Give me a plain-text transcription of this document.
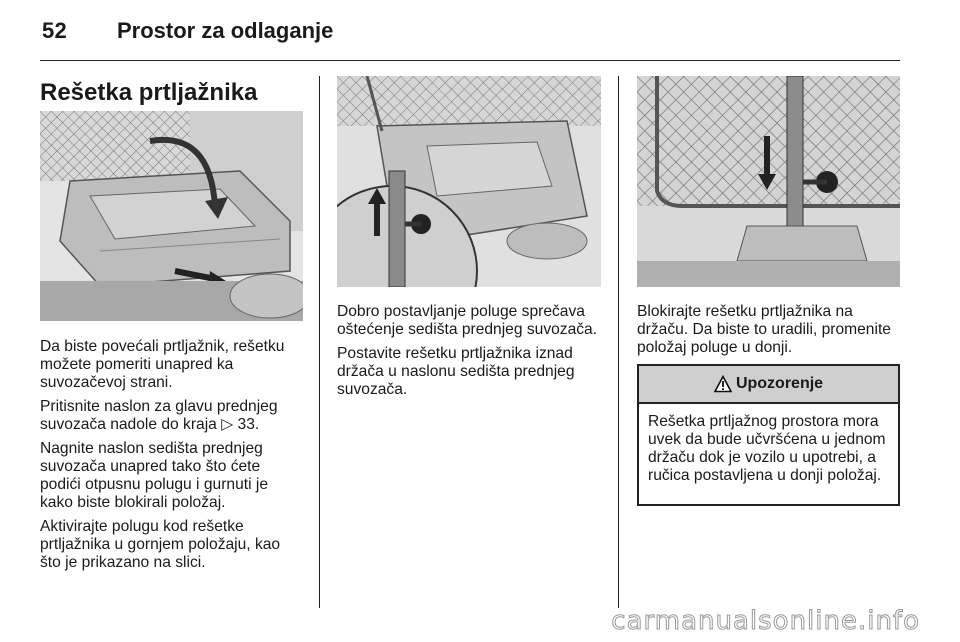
52 Prostor za odlaganje
Rešetka prtljažnika

Da biste povećali prtljažnik, rešetku možete pomeriti unapred ka suvozačevoj strani.

Pritisnite naslon za glavu prednjeg suvozača nadole do kraja ▷ 33.

Nagnite naslon sedišta prednjeg suvozača unapred tako što ćete podići otpusnu polugu i gurnuti je kako biste blokirali položaj.

Aktivirajte polugu kod rešetke prtljažnika u gornjem položaju, kao što je prikazano na slici.

Dobro postavljanje poluge sprečava oštećenje sedišta prednjeg suvozača.

Postavite rešetku prtljažnika iznad držača u naslonu sedišta prednjeg suvozača.

Blokirajte rešetku prtljažnika na držaču. Da biste to uradili, promenite položaj poluge u donji.

Upozorenje
Rešetka prtljažnog prostora mora uvek da bude učvršćena u jednom držaču dok je vozilo u upotrebi, a ručica postavljena u donji položaj.
carmanualsonline.info
